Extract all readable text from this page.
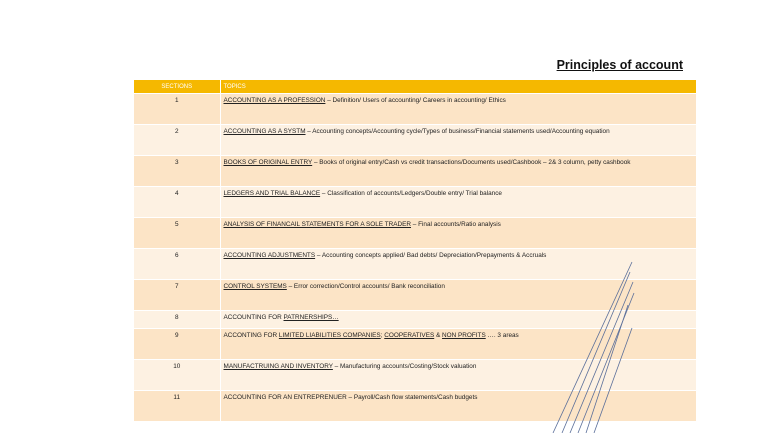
Principles of account
SECTIONS	TOPICS
1	ACCOUNTING AS A PROFESSION – Definition/ Users of accounting/ Careers in accounting/ Ethics
2	ACCOUNTING AS A SYSTM – Accounting concepts/Accounting cycle/Types of business/Financial statements used/Accounting equation
3	BOOKS OF ORIGINAL ENTRY – Books of original entry/Cash vs credit transactions/Documents used/Cashbook – 2& 3 column, petty cashbook
4	LEDGERS AND TRIAL BALANCE – Classification of accounts/Ledgers/Double entry/ Trial balance
5	ANALYSIS OF FINANCAIL STATEMENTS FOR A SOLE TRADER – Final accounts/Ratio analysis
6	ACCOUNTING ADJUSTMENTS – Accounting concepts applied/ Bad debts/ Depreciation/Prepayments & Accruals
7	CONTROL SYSTEMS – Error correction/Control accounts/ Bank reconciliation
8	ACCOUNTING FOR PATRNERSHIPS…
9	ACCONTING FOR LIMITED LIABILITIES COMPANIES; COOPERATIVES & NON PROFITS …. 3 areas
10	MANUFACTRUING AND INVENTORY – Manufacturing accounts/Costing/Stock valuation
11	ACCOUNTING FOR AN ENTREPRENUER – Payroll/Cash flow statements/Cash budgets
